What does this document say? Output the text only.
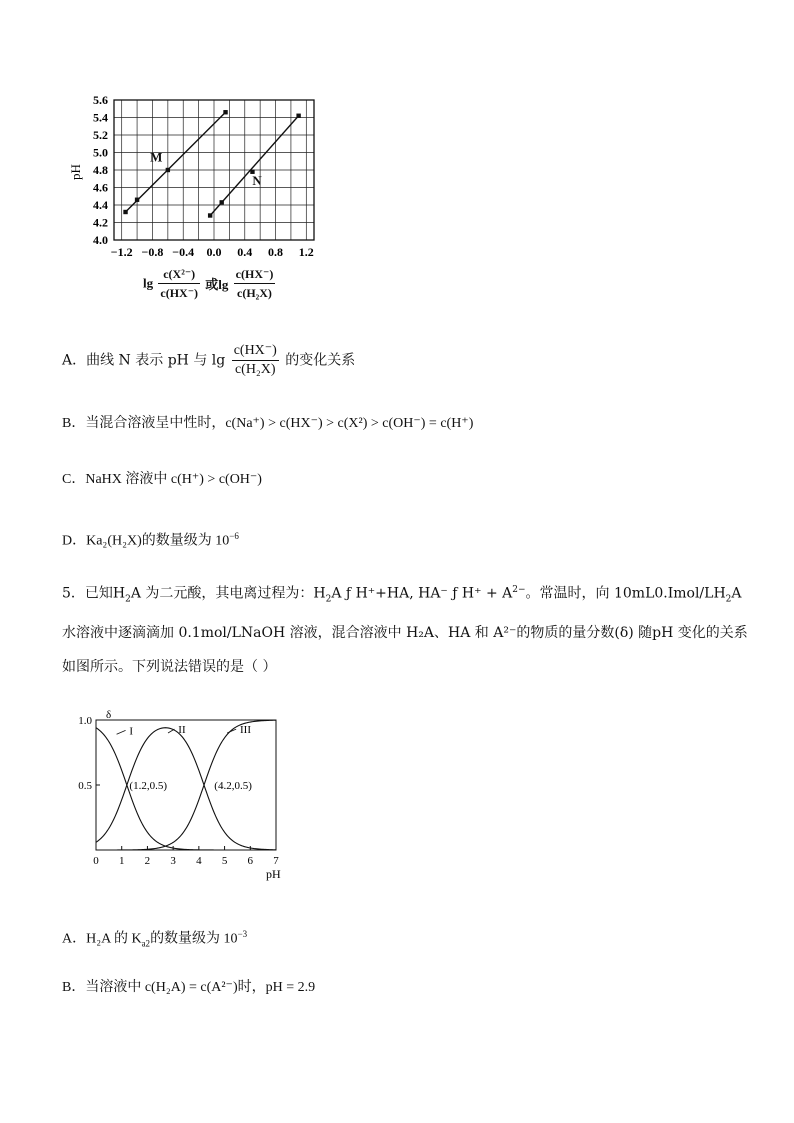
4.0
4.2
4.4
4.6
4.8
5.0
5.2
5.4
5.6
−1.2 −0.8 −0.4 0.0 0.4 0.8 1.2
M
N
pH
$\lg \frac{\text{c(X²⁻)}}{c(HX^-)}$ 或$\lg \frac{c(HX^-)}{\text{c(H₂X)}}$
A．曲线 N 表示 pH 与 $\lg \frac{c(HX^-)}{\text{c(H₂X)}}$ 的变化关系
B．当混合溶液呈中性时，c(Na⁺) > c(HX⁻) > c(X²) > c(OH⁻) = c(H⁺)
C．NaHX 溶液中 c(H⁺) > c(OH⁻)
D．Ka₂(H₂X)的数量级为 $10^{-6}$
5．已知$H_2A$ 为二元酸，其电离过程为：$H_2A$ ƒ H⁺+HA, HA⁻ ƒ $H^+ + A^{2-}$。常温时，向 $10mL0.Imol/LH_2A$
水溶液中逐滴滴加 0.1mol/LNaOH 溶液，混合溶液中 H₂A、HA 和 A²⁻的物质的量分数(δ) 随pH 变化的关系
如图所示。下列说法错误的是（ ）
0 1 2 3 4 5 6 7
1.0
0.5
I	II	III
(1.2,0.5)	(4.2,0.5)
δ
pH
A．H₂A 的 $K_{a2}$的数量级为 $10^{-3}$
B．当溶液中 c(H₂A) = c(A²⁻)时，pH = 2.9
